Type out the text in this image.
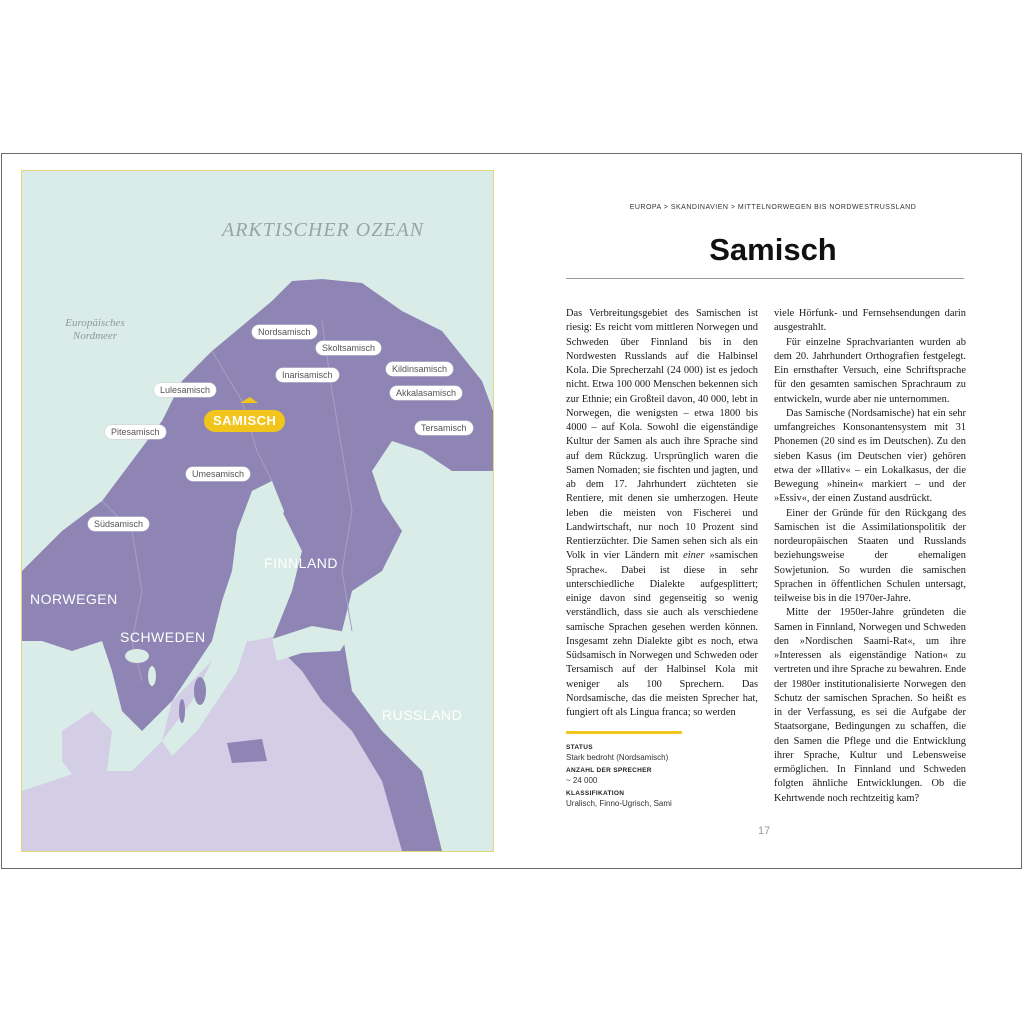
ARKTISCHER OZEAN
Europäisches Nordmeer	Nordsamisch
Skoltsamisch
Inarisamisch
Kildinsamisch
Akkalasamisch
Lulesamisch
Pitesamisch	Tersamisch
Umesamisch
Südsamisch
SAMISCH
NORWEGEN
SCHWEDEN
FINNLAND
RUSSLAND
EUROPA > SKANDINAVIEN > MITTELNORWEGEN BIS NORDWESTRUSSLAND
Samisch

Das Verbreitungsgebiet des Samischen ist riesig: Es reicht vom mittleren Norwegen und Schweden über Finnland bis in den Nordwesten Russlands auf die Halbinsel Kola. Die Sprecherzahl (24 000) ist es jedoch nicht. Etwa 100 000 Menschen bekennen sich zur Ethnie; ein Großteil davon, 40 000, lebt in Norwegen, die wenigsten – etwa 1800 bis 4000 – auf Kola. Sowohl die eigenständige Kultur der Samen als auch ihre Sprache sind auf dem Rückzug. Ursprünglich waren die Samen Nomaden; sie fischten und jagten, und ab dem 17. Jahrhundert züchteten sie Rentiere, mit denen sie umherzogen. Heute leben die meisten von Fischerei und Landwirtschaft, nur noch 10 Prozent sind Rentierzüchter. Die Samen sehen sich als ein Volk in vier Ländern mit einer »samischen Sprache«. Dabei ist diese in sehr unterschiedliche Dialekte aufgesplittert; einige davon sind gegenseitig so wenig verständlich, dass sie auch als verschiedene samische Sprachen gesehen werden können. Insgesamt zehn Dialekte gibt es noch, etwa Südsamisch in Norwegen und Schweden oder Tersamisch auf der Halbinsel Kola mit weniger als 100 Sprechern. Das Nordsamische, das die meisten Sprecher hat, fungiert oft als Lingua franca; so werden

viele Hörfunk- und Fernsehsendungen darin ausgestrahlt.

Für einzelne Sprachvarianten wurden ab dem 20. Jahrhundert Orthografien festgelegt. Ein ernsthafter Versuch, eine Schriftsprache für den gesamten samischen Sprachraum zu entwickeln, wurde aber nie unternommen.

Das Samische (Nordsamische) hat ein sehr umfangreiches Konsonantensystem mit 31 Phonemen (20 sind es im Deutschen). Zu den sieben Kasus (im Deutschen vier) gehören etwa der »Illativ« – ein Lokalkasus, der die Bewegung »hinein« markiert – und der »Essiv«, der einen Zustand ausdrückt.

Einer der Gründe für den Rückgang des Samischen ist die Assimilationspolitik der nordeuropäischen Staaten und Russlands beziehungsweise der ehemaligen Sowjetunion. So wurden die samischen Sprachen in öffentlichen Schulen untersagt, teilweise bis in die 1970er-Jahre.

Mitte der 1950er-Jahre gründeten die Samen in Finnland, Norwegen und Schweden den »Nordischen Saami-Rat«, um ihre »Interessen als eigenständige Nation« zu vertreten und ihre Sprache zu bewahren. Ende der 1980er institutionalisierte Norwegen den Schutz der samischen Sprachen. So heißt es in der Verfassung, es sei die Aufgabe der Staatsorgane, Bedingungen zu schaffen, die den Samen die Pflege und die Entwicklung ihrer Sprache, Kultur und Lebensweise ermöglichen. In Finnland und Schweden folgten ähnliche Entwicklungen. Ob die Kehrtwende noch rechtzeitig kam?

STATUS
Stark bedroht (Nordsamisch)
ANZAHL DER SPRECHER
~ 24 000
KLASSIFIKATION
Uralisch, Finno-Ugrisch, Sami
17
